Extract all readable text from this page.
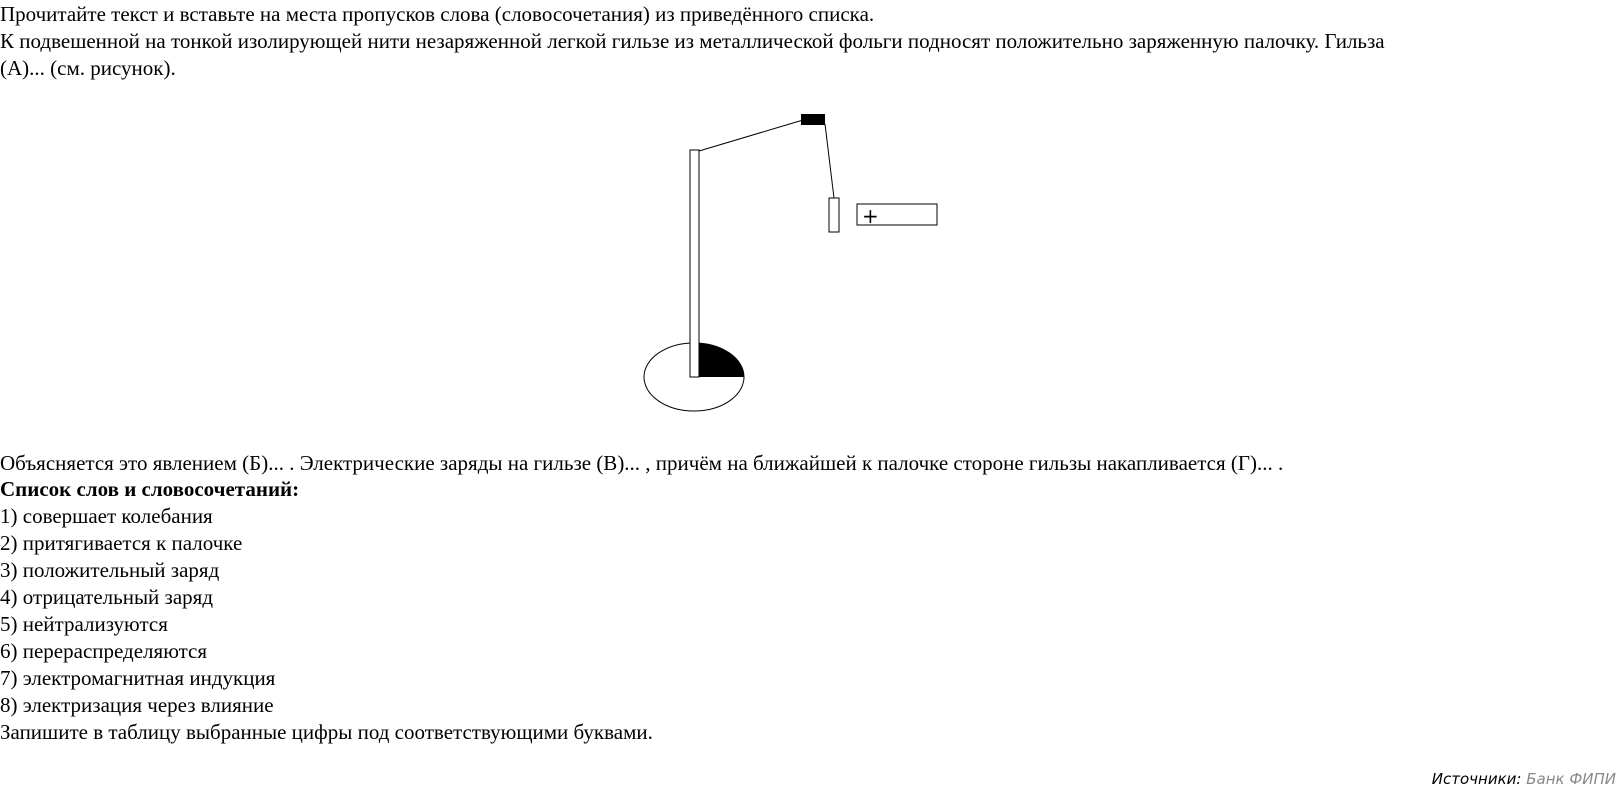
Прочитайте текст и вставьте на места пропусков слова (словосочетания) из приведённого списка.
К подвешенной на тонкой изолирующей нити незаряженной легкой гильзе из металлической фольги подносят положительно заряженную палочку. Гильза
(А)... (см. рисунок).
+
Объясняется это явлением (Б)... . Электрические заряды на гильзе (В)... , причём на ближайшей к палочке стороне гильзы накапливается (Г)... .
Список слов и словосочетаний:
1) совершает колебания
2) притягивается к палочке
3) положительный заряд
4) отрицательный заряд
5) нейтрализуются
6) перераспределяются
7) электромагнитная индукция
8) электризация через влияние
Запишите в таблицу выбранные цифры под соответствующими буквами.
Источники: Банк ФИПИ
